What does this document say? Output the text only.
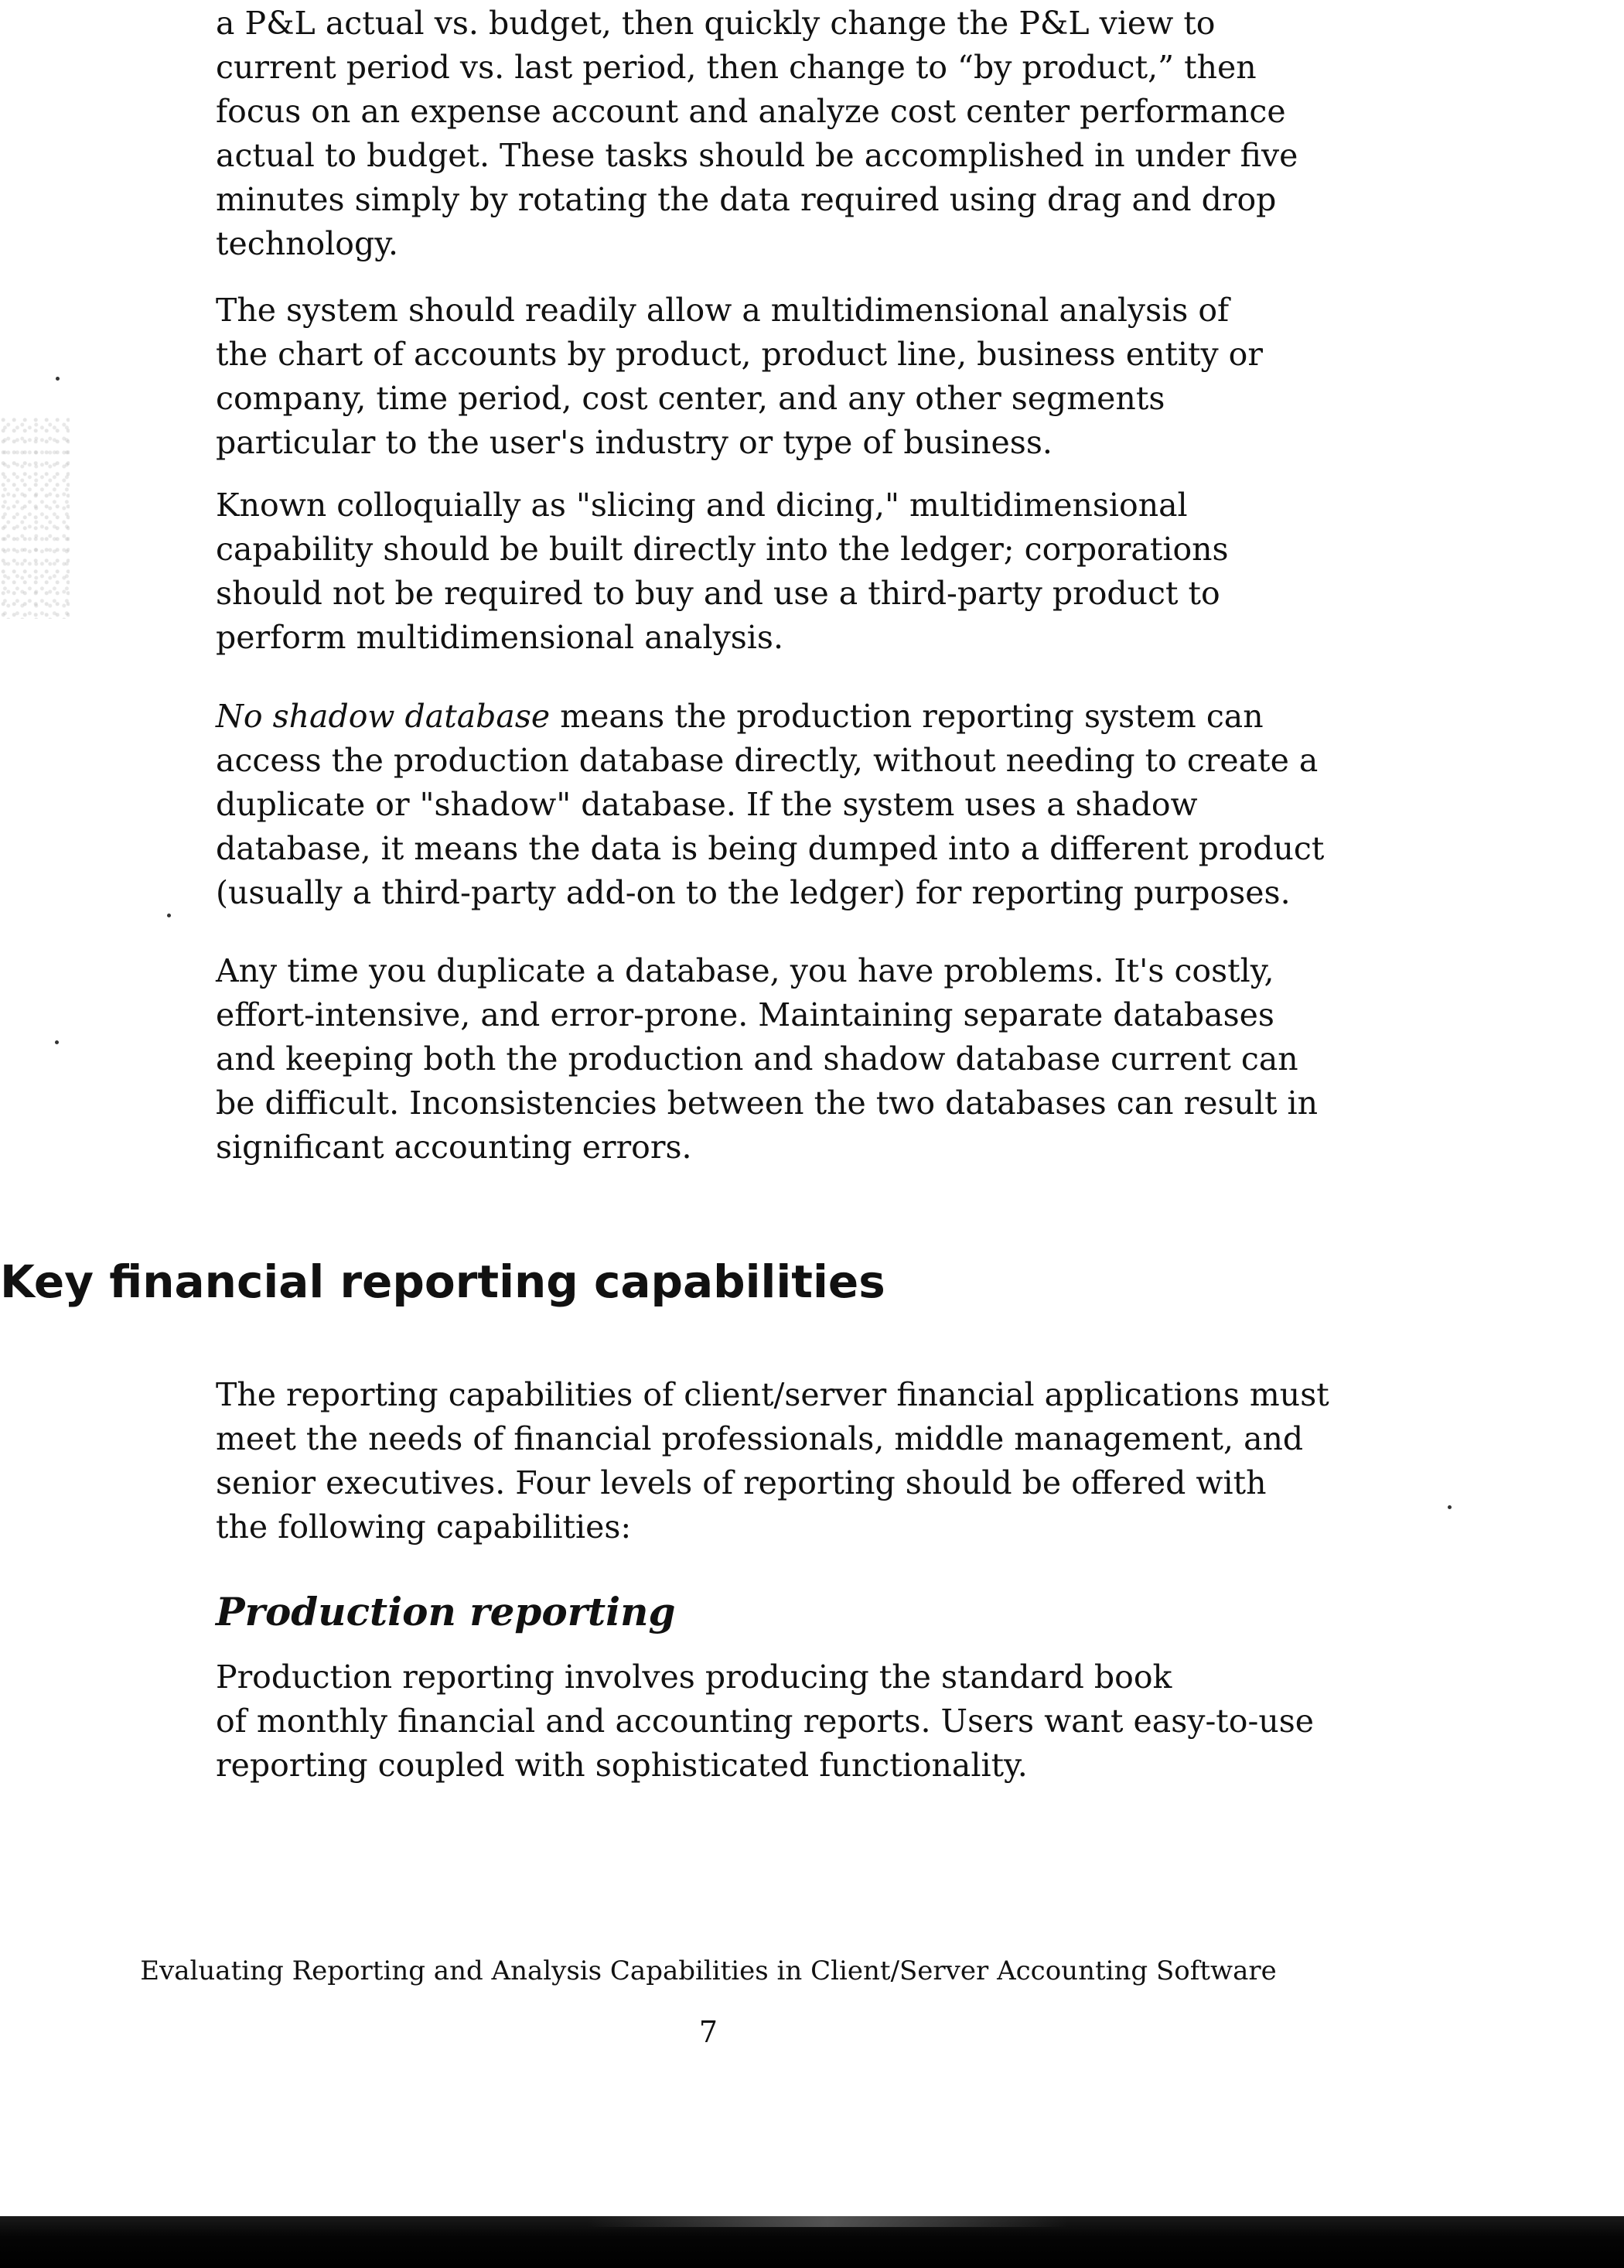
a P&L actual vs. budget, then quickly change the P&L view to
current period vs. last period, then change to “by product,” then
focus on an expense account and analyze cost center performance
actual to budget. These tasks should be accomplished in under five
minutes simply by rotating the data required using drag and drop
technology.

The system should readily allow a multidimensional analysis of
the chart of accounts by product, product line, business entity or
company, time period, cost center, and any other segments
particular to the user's industry or type of business.

Known colloquially as "slicing and dicing," multidimensional
capability should be built directly into the ledger; corporations
should not be required to buy and use a third-party product to
perform multidimensional analysis.

No shadow database means the production reporting system can
access the production database directly, without needing to create a
duplicate or "shadow" database. If the system uses a shadow
database, it means the data is being dumped into a different product
(usually a third-party add-on to the ledger) for reporting purposes.

Any time you duplicate a database, you have problems. It's costly,
effort-intensive, and error-prone. Maintaining separate databases
and keeping both the production and shadow database current can
be difficult. Inconsistencies between the two databases can result in
significant accounting errors.

Key financial reporting capabilities

The reporting capabilities of client/server financial applications must
meet the needs of financial professionals, middle management, and
senior executives. Four levels of reporting should be offered with
the following capabilities:

Production reporting

Production reporting involves producing the standard book
of monthly financial and accounting reports. Users want easy-to-use
reporting coupled with sophisticated functionality.

Evaluating Reporting and Analysis Capabilities in Client/Server Accounting Software
7
